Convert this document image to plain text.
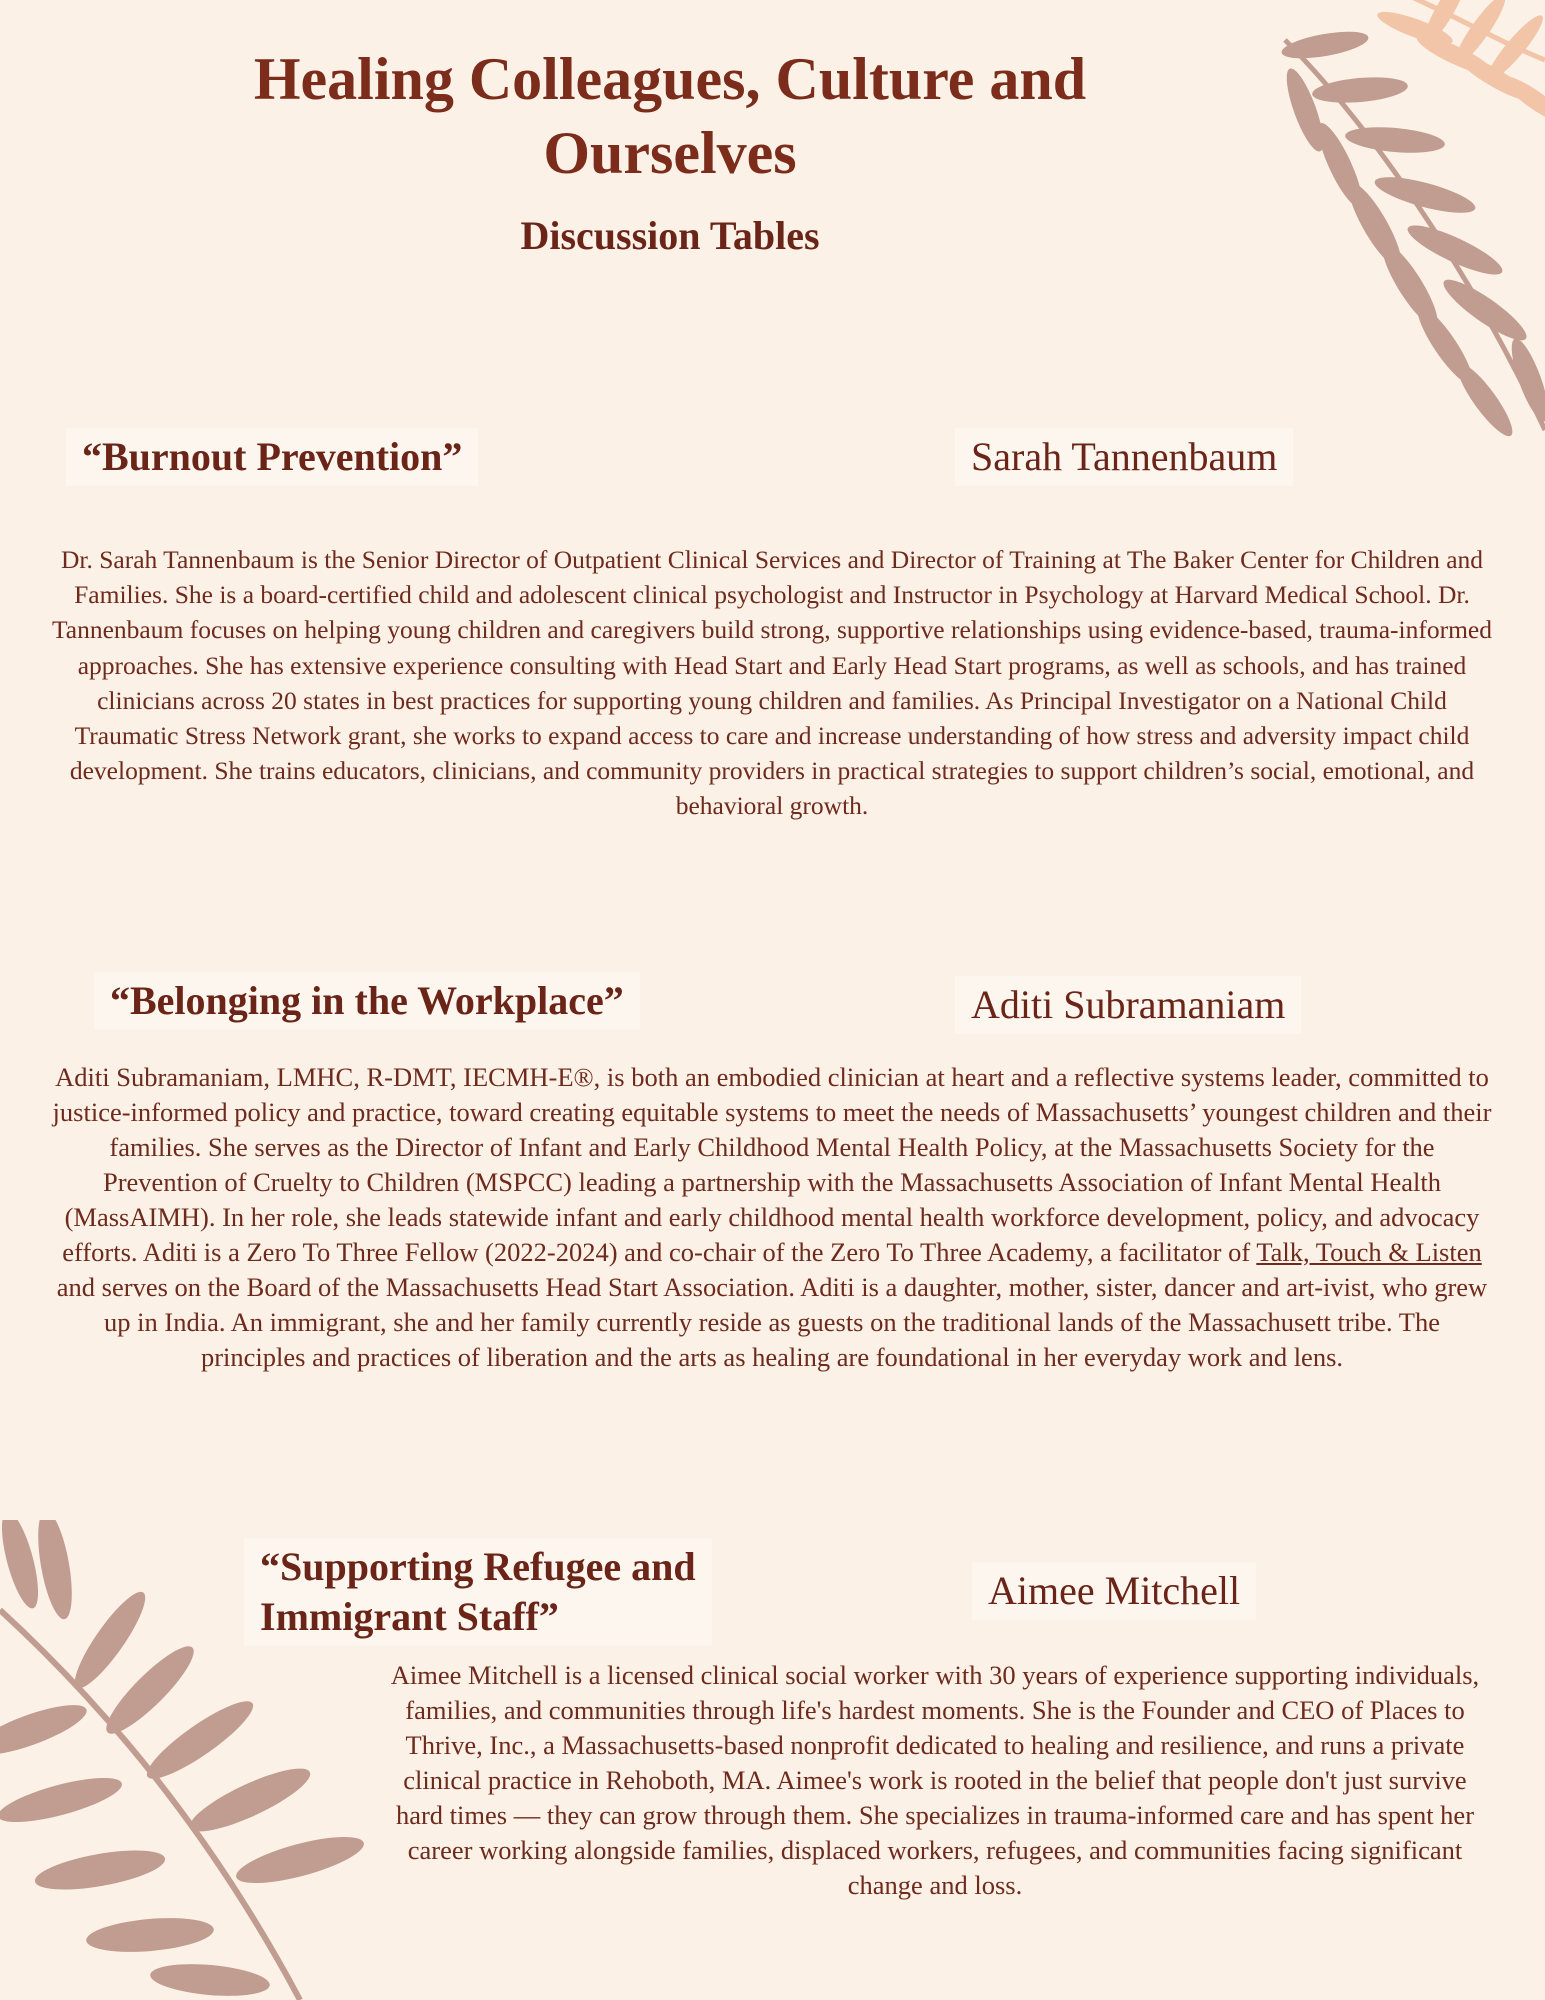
Healing Colleagues, Culture and Ourselves
Discussion Tables
“Burnout Prevention”	Sarah Tannenbaum

Dr. Sarah Tannenbaum is the Senior Director of Outpatient Clinical Services and Director of Training at The Baker Center for Children and Families. She is a board-certified child and adolescent clinical psychologist and Instructor in Psychology at Harvard Medical School. Dr. Tannenbaum focuses on helping young children and caregivers build strong, supportive relationships using evidence-based, trauma-informed approaches. She has extensive experience consulting with Head Start and Early Head Start programs, as well as schools, and has trained clinicians across 20 states in best practices for supporting young children and families. As Principal Investigator on a National Child Traumatic Stress Network grant, she works to expand access to care and increase understanding of how stress and adversity impact child development. She trains educators, clinicians, and community providers in practical strategies to support children’s social, emotional, and behavioral growth.

“Belonging in the Workplace”	Aditi Subramaniam

Aditi Subramaniam, LMHC, R-DMT, IECMH-E®, is both an embodied clinician at heart and a reflective systems leader, committed to justice-informed policy and practice, toward creating equitable systems to meet the needs of Massachusetts’ youngest children and their families. She serves as the Director of Infant and Early Childhood Mental Health Policy, at the Massachusetts Society for the Prevention of Cruelty to Children (MSPCC) leading a partnership with the Massachusetts Association of Infant Mental Health (MassAIMH). In her role, she leads statewide infant and early childhood mental health workforce development, policy, and advocacy efforts. Aditi is a Zero To Three Fellow (2022-2024) and co-chair of the Zero To Three Academy, a facilitator of Talk, Touch & Listen and serves on the Board of the Massachusetts Head Start Association. Aditi is a daughter, mother, sister, dancer and art-ivist, who grew up in India. An immigrant, she and her family currently reside as guests on the traditional lands of the Massachusett tribe. The principles and practices of liberation and the arts as healing are foundational in her everyday work and lens.

“Supporting Refugee and
Immigrant Staff”
Aimee Mitchell

Aimee Mitchell is a licensed clinical social worker with 30 years of experience supporting individuals, families, and communities through life's hardest moments. She is the Founder and CEO of Places to Thrive, Inc., a Massachusetts-based nonprofit dedicated to healing and resilience, and runs a private clinical practice in Rehoboth, MA. Aimee's work is rooted in the belief that people don't just survive hard times — they can grow through them. She specializes in trauma-informed care and has spent her career working alongside families, displaced workers, refugees, and communities facing significant change and loss.
